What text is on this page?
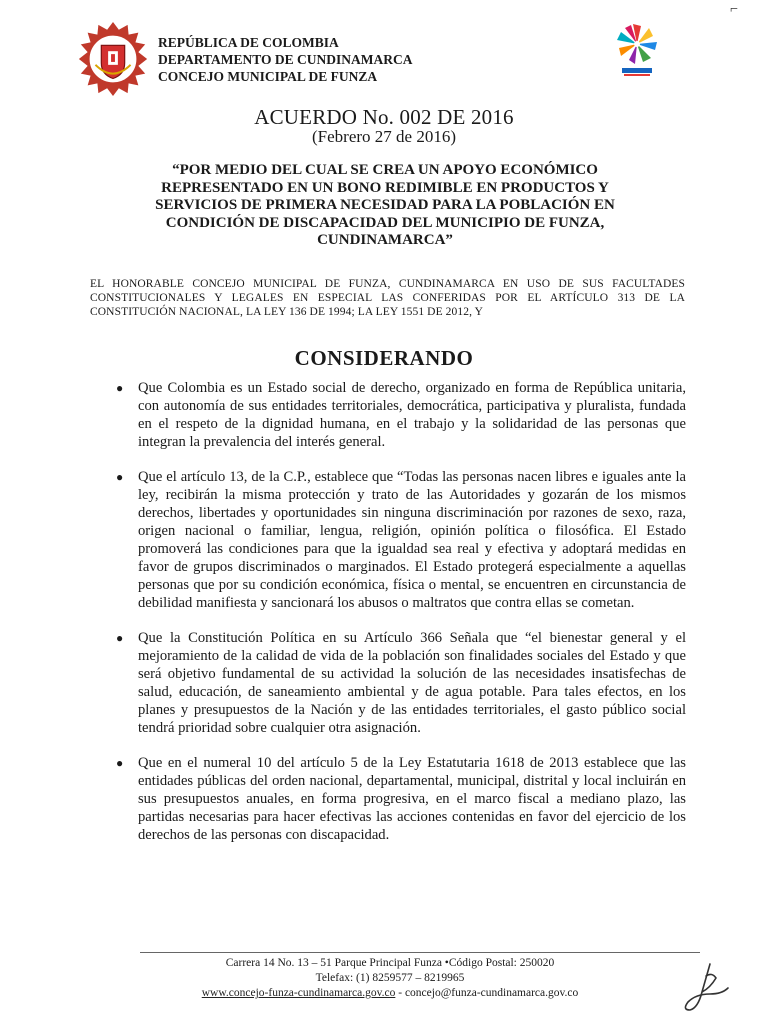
REPÚBLICA DE COLOMBIA
DEPARTAMENTO DE CUNDINAMARCA
CONCEJO MUNICIPAL DE FUNZA
⌐
ACUERDO No. 002 DE 2016
(Febrero 27 de 2016)
“POR MEDIO DEL CUAL SE CREA UN APOYO ECONÓMICO
REPRESENTADO EN UN BONO REDIMIBLE EN PRODUCTOS Y
SERVICIOS DE PRIMERA NECESIDAD PARA LA POBLACIÓN EN
CONDICIÓN DE DISCAPACIDAD DEL MUNICIPIO DE FUNZA,
CUNDINAMARCA”
EL HONORABLE CONCEJO MUNICIPAL DE FUNZA, CUNDINAMARCA EN USO DE SUS FACULTADES CONSTITUCIONALES Y LEGALES EN ESPECIAL LAS CONFERIDAS POR EL ARTÍCULO 313 DE LA CONSTITUCIÓN NACIONAL, LA LEY 136 DE 1994; LA LEY 1551 DE 2012, Y
CONSIDERANDO
● Que Colombia es un Estado social de derecho, organizado en forma de República unitaria, con autonomía de sus entidades territoriales, democrática, participativa y pluralista, fundada en el respeto de la dignidad humana, en el trabajo y la solidaridad de las personas que integran la prevalencia del interés general.
● Que el artículo 13, de la C.P., establece que “Todas las personas nacen libres e iguales ante la ley, recibirán la misma protección y trato de las Autoridades y gozarán de los mismos derechos, libertades y oportunidades sin ninguna discriminación por razones de sexo, raza, origen nacional o familiar, lengua, religión, opinión política o filosófica. El Estado promoverá las condiciones para que la igualdad sea real y efectiva y adoptará medidas en favor de grupos discriminados o marginados. El Estado protegerá especialmente a aquellas personas que por su condición económica, física o mental, se encuentren en circunstancia de debilidad manifiesta y sancionará los abusos o maltratos que contra ellas se cometan.
● Que la Constitución Política en su Artículo 366 Señala que “el bienestar general y el mejoramiento de la calidad de vida de la población son finalidades sociales del Estado y que será objetivo fundamental de su actividad la solución de las necesidades insatisfechas de salud, educación, de saneamiento ambiental y de agua potable. Para tales efectos, en los planes y presupuestos de la Nación y de las entidades territoriales, el gasto público social tendrá prioridad sobre cualquier otra asignación.
● Que en el numeral 10 del artículo 5 de la Ley Estatutaria 1618 de 2013 establece que las entidades públicas del orden nacional, departamental, municipal, distrital y local incluirán en sus presupuestos anuales, en forma progresiva, en el marco fiscal a mediano plazo, las partidas necesarias para hacer efectivas las acciones contenidas en favor del ejercicio de los derechos de las personas con discapacidad.
Carrera 14 No. 13 – 51 Parque Principal Funza •Código Postal: 250020
Telefax: (1) 8259577 – 8219965
www.concejo-funza-cundinamarca.gov.co - concejo@funza-cundinamarca.gov.co
